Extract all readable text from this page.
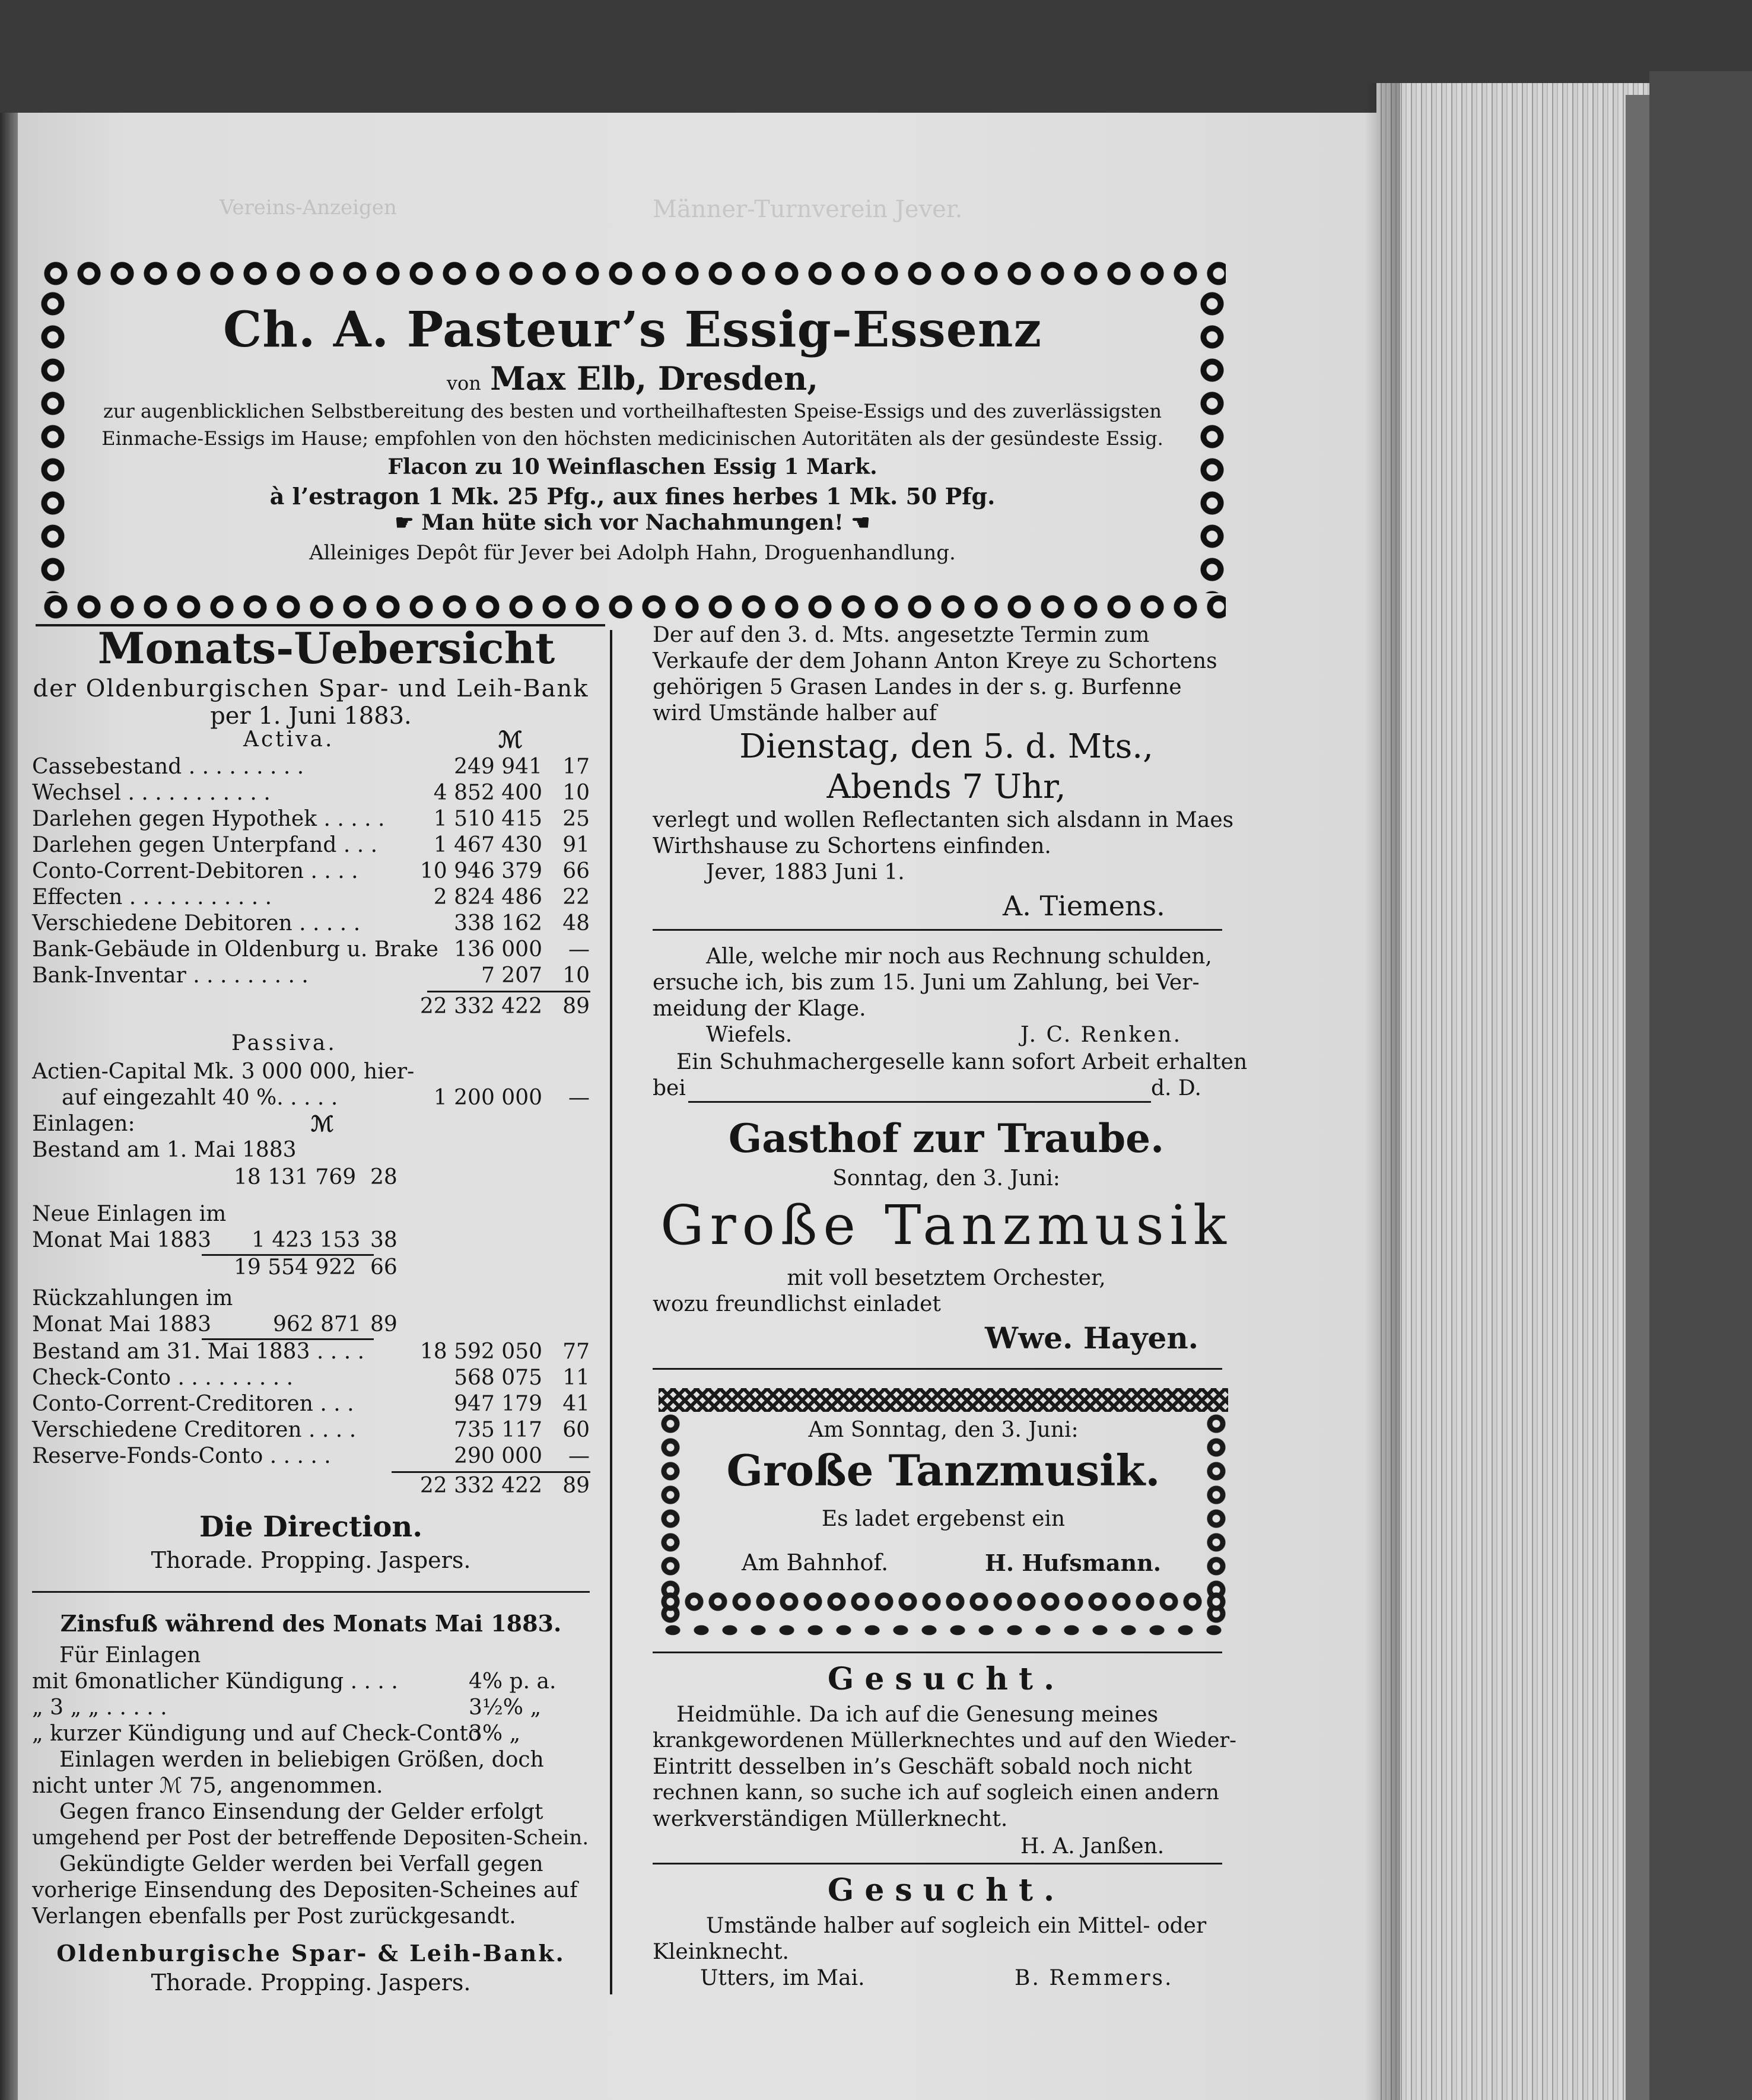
Vereins-Anzeigen	Männer-Turnverein Jever.
Ch. A. Pasteur’s Essig-Essenz
von Max Elb, Dresden,
zur augenblicklichen Selbstbereitung des besten und vortheilhaftesten Speise-Essigs und des zuverlässigsten
Einmache-Essigs im Hause; empfohlen von den höchsten medicinischen Autoritäten als der gesündeste Essig.
Flacon zu 10 Weinflaschen Essig 1 Mark.
à l’estragon 1 Mk. 25 Pfg., aux fines herbes 1 Mk. 50 Pfg.
☛ Man hüte sich vor Nachahmungen! ☚
Alleiniges Depôt für Jever bei Adolph Hahn, Droguenhandlung.
Monats-Uebersicht
der Oldenburgischen Spar- und Leih-Bank
per 1. Juni 1883.
Activa.	ℳ
Cassebestand . . . . . . . . .	249 941 17
Wechsel . . . . . . . . . . .	4 852 400 10
Darlehen gegen Hypothek . . . . .	1 510 415 25
Darlehen gegen Unterpfand . . .	1 467 430 91
Conto-Corrent-Debitoren . . . .	10 946 379 66
Effecten . . . . . . . . . . .	2 824 486 22
Verschiedene Debitoren . . . . .	338 162 48
Bank-Gebäude in Oldenburg u. Brake 136 000	—
Bank-Inventar . . . . . . . . .	7 207 10
22 332 422 89
Passiva.
Actien-Capital Mk. 3 000 000, hier-
auf eingezahlt 40 %. . . . .	1 200 000	—
Einlagen:	ℳ
Bestand am 1. Mai 1883
18 131 769 28
Neue Einlagen im
Monat Mai 1883 1 423 153 38
19 554 922 66
Rückzahlungen im
Monat Mai 1883	962 871 89
Bestand am 31. Mai 1883 . . . .	18 592 050 77
Check-Conto . . . . . . . . .	568 075 11
Conto-Corrent-Creditoren . . .	947 179 41
Verschiedene Creditoren . . . .	735 117 60
Reserve-Fonds-Conto . . . . .	290 000	—
22 332 422 89
Die Direction.
Thorade. Propping. Jaspers.
Zinsfuß während des Monats Mai 1883.
Für Einlagen
mit 6monatlicher Kündigung . . . .	4% p. a.
„ 3 „ „ . . . . .	3½% „
„ kurzer Kündigung und auf Check-Conto
3% „
Einlagen werden in beliebigen Größen, doch
nicht unter ℳ 75, angenommen.
Gegen franco Einsendung der Gelder erfolgt
umgehend per Post der betreffende Depositen-Schein.
Gekündigte Gelder werden bei Verfall gegen
vorherige Einsendung des Depositen-Scheines auf
Verlangen ebenfalls per Post zurückgesandt.
Oldenburgische Spar- & Leih-Bank.
Thorade. Propping. Jaspers.
Der auf den 3. d. Mts. angesetzte Termin zum
Verkaufe der dem Johann Anton Kreye zu Schortens
gehörigen 5 Grasen Landes in der s. g. Burfenne
wird Umstände halber auf
Dienstag, den 5. d. Mts.,
Abends 7 Uhr,
verlegt und wollen Reflectanten sich alsdann in Maes
Wirthshause zu Schortens einfinden.
Jever, 1883 Juni 1.
A. Tiemens.
Alle, welche mir noch aus Rechnung schulden,
ersuche ich, bis zum 15. Juni um Zahlung, bei Ver-
meidung der Klage.
Wiefels.	J. C. Renken.
Ein Schuhmachergeselle kann sofort Arbeit erhalten
bei	d. D.
Gasthof zur Traube.
Sonntag, den 3. Juni:
Große Tanzmusik
mit voll besetztem Orchester,
wozu freundlichst einladet
Wwe. Hayen.
Am Sonntag, den 3. Juni:
Große Tanzmusik.
Es ladet ergebenst ein
Am Bahnhof.	H. Hufsmann.
Gesucht.
Heidmühle. Da ich auf die Genesung meines
krankgewordenen Müllerknechtes und auf den Wieder-
Eintritt desselben in’s Geschäft sobald noch nicht
rechnen kann, so suche ich auf sogleich einen andern
werkverständigen Müllerknecht.
H. A. Janßen.
Gesucht.
Umstände halber auf sogleich ein Mittel- oder
Kleinknecht.
Utters, im Mai.	B. Remmers.
